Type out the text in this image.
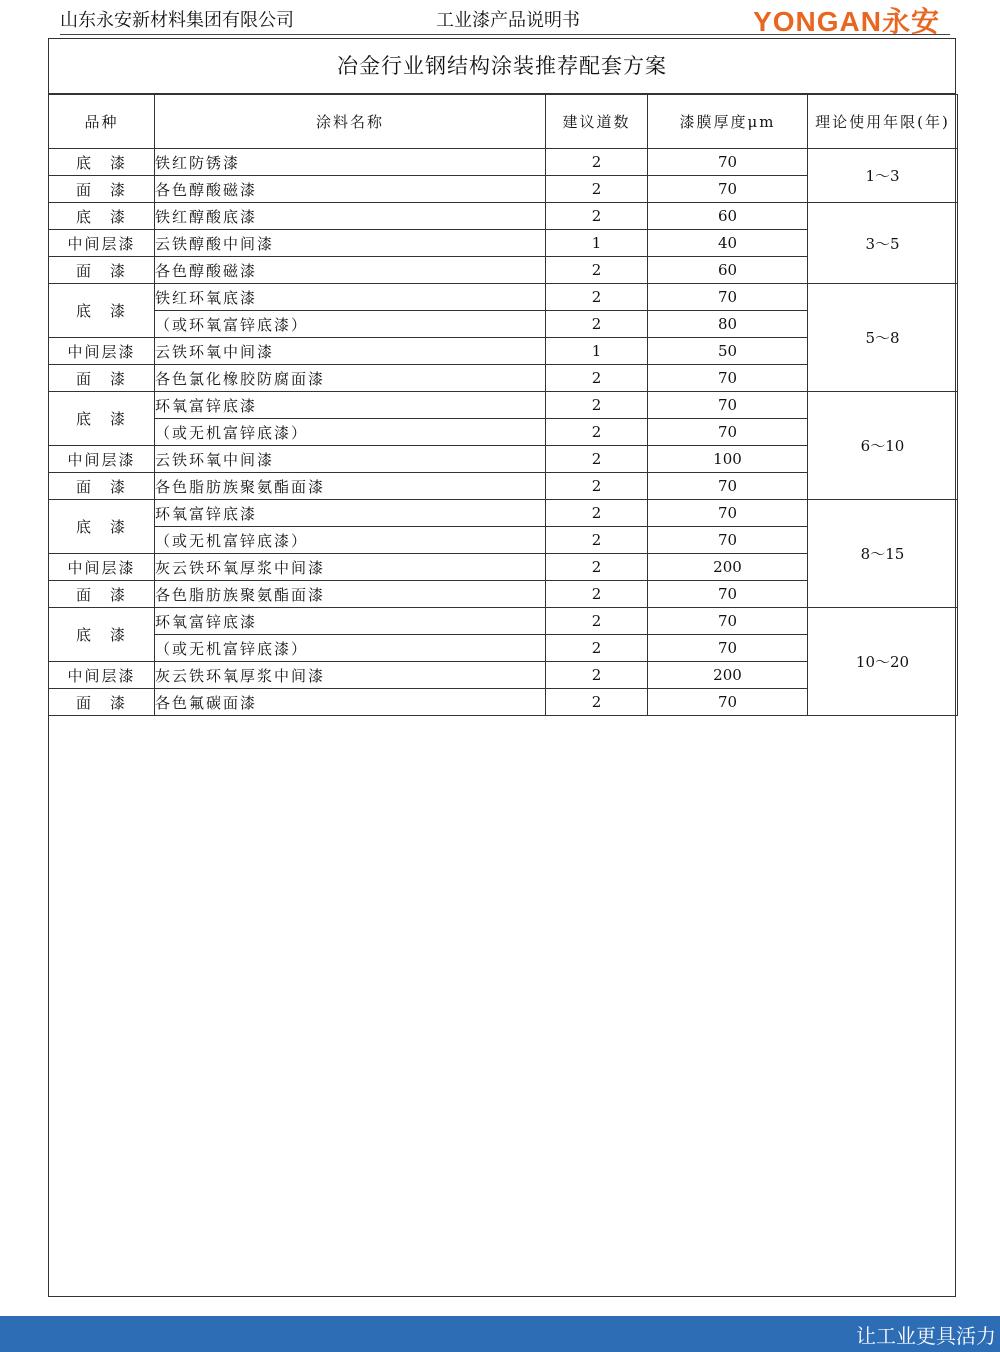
山东永安新材料集团有限公司	工业漆产品说明书	YONGAN永安
冶金行业钢结构涂装推荐配套方案
品种	涂料名称	建议道数	漆膜厚度μm	理论使用年限(年)
底　漆	铁红防锈漆	2	70	1～3
面　漆	各色醇酸磁漆	2	70	
底　漆	铁红醇酸底漆	2	60	3～5
中间层漆	云铁醇酸中间漆	1	40	
面　漆	各色醇酸磁漆	2	60	
底　漆	铁红环氧底漆	2	70	5～8
	（或环氧富锌底漆）	2	80	
中间层漆	云铁环氧中间漆	1	50	
面　漆	各色氯化橡胶防腐面漆	2	70	
底　漆	环氧富锌底漆	2	70	6～10
	（或无机富锌底漆）	2	70	
中间层漆	云铁环氧中间漆	2	100	
面　漆	各色脂肪族聚氨酯面漆	2	70	
底　漆	环氧富锌底漆	2	70	8～15
	（或无机富锌底漆）	2	70	
中间层漆	灰云铁环氧厚浆中间漆	2	200	
面　漆	各色脂肪族聚氨酯面漆	2	70	
底　漆	环氧富锌底漆	2	70	10～20
	（或无机富锌底漆）	2	70	
中间层漆	灰云铁环氧厚浆中间漆	2	200	
面　漆	各色氟碳面漆	2	70	
让工业更具活力
